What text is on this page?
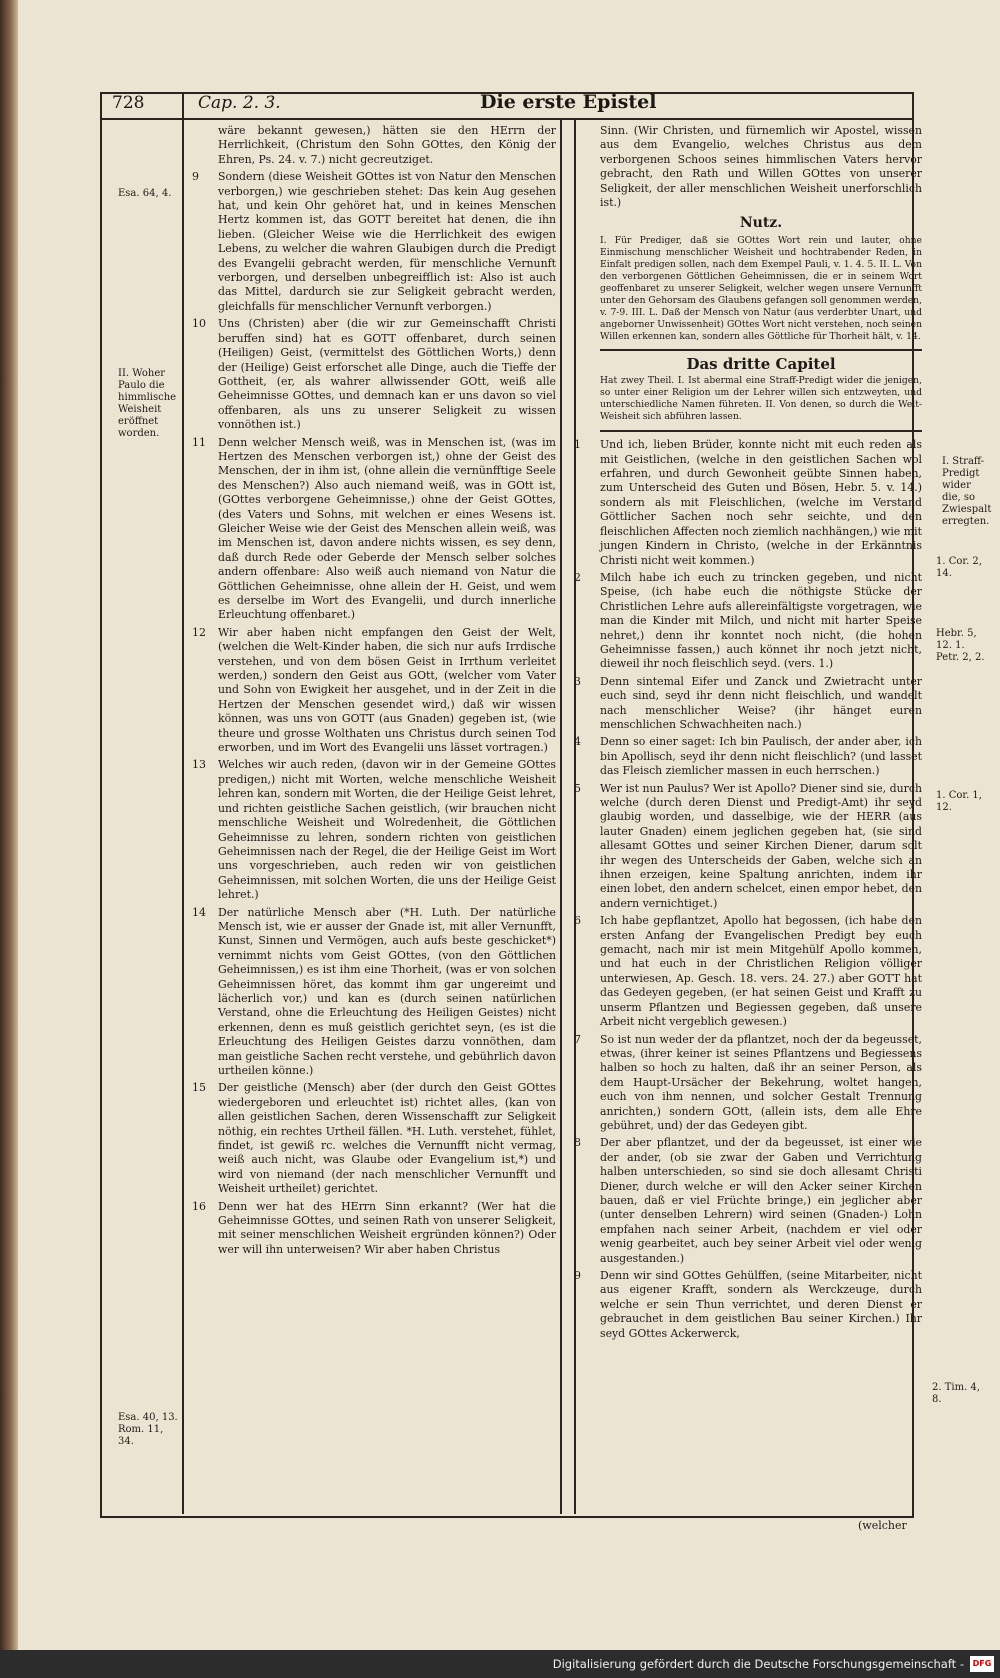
728	Cap. 2. 3.	Die erste Epistel
Esa. 64, 4.
II. Woher Paulo die himmlische Weisheit eröffnet worden.
Esa. 40, 13. Rom. 11, 34.
I. Straff-Predigt wider die, so Zwiespalt erregten.
1. Cor. 2, 14.
Hebr. 5, 12. 1. Petr. 2, 2.
1. Cor. 1, 12.
2. Tim. 4, 8.

wäre bekannt gewesen,) hätten sie den HErrn der Herrlichkeit, (Christum den Sohn GOttes, den König der Ehren, Ps. 24. v. 7.) nicht gecreutziget.

9 Sondern (diese Weisheit GOttes ist von Natur den Menschen verborgen,) wie geschrieben stehet: Das kein Aug gesehen hat, und kein Ohr gehöret hat, und in keines Menschen Hertz kommen ist, das GOTT bereitet hat denen, die ihn lieben. (Gleicher Weise wie die Herrlichkeit des ewigen Lebens, zu welcher die wahren Glaubigen durch die Predigt des Evangelii gebracht werden, für menschliche Vernunft verborgen, und derselben unbegreifflich ist: Also ist auch das Mittel, dardurch sie zur Seligkeit gebracht werden, gleichfalls für menschlicher Vernunft verborgen.)

10 Uns (Christen) aber (die wir zur Gemeinschafft Christi beruffen sind) hat es GOTT offenbaret, durch seinen (Heiligen) Geist, (vermittelst des Göttlichen Worts,) denn der (Heilige) Geist erforschet alle Dinge, auch die Tieffe der Gottheit, (er, als wahrer allwissender GOtt, weiß alle Geheimnisse GOttes, und demnach kan er uns davon so viel offenbaren, als uns zu unserer Seligkeit zu wissen vonnöthen ist.)

11 Denn welcher Mensch weiß, was in Menschen ist, (was im Hertzen des Menschen verborgen ist,) ohne der Geist des Menschen, der in ihm ist, (ohne allein die vernünfftige Seele des Menschen?) Also auch niemand weiß, was in GOtt ist, (GOttes verborgene Geheimnisse,) ohne der Geist GOttes, (des Vaters und Sohns, mit welchen er eines Wesens ist. Gleicher Weise wie der Geist des Menschen allein weiß, was im Menschen ist, davon andere nichts wissen, es sey denn, daß durch Rede oder Geberde der Mensch selber solches andern offenbare: Also weiß auch niemand von Natur die Göttlichen Geheimnisse, ohne allein der H. Geist, und wem es derselbe im Wort des Evangelii, und durch innerliche Erleuchtung offenbaret.)

12 Wir aber haben nicht empfangen den Geist der Welt, (welchen die Welt-Kinder haben, die sich nur aufs Irrdische verstehen, und von dem bösen Geist in Irrthum verleitet werden,) sondern den Geist aus GOtt, (welcher vom Vater und Sohn von Ewigkeit her ausgehet, und in der Zeit in die Hertzen der Menschen gesendet wird,) daß wir wissen können, was uns von GOTT (aus Gnaden) gegeben ist, (wie theure und grosse Wolthaten uns Christus durch seinen Tod erworben, und im Wort des Evangelii uns lässet vortragen.)

13 Welches wir auch reden, (davon wir in der Gemeine GOttes predigen,) nicht mit Worten, welche menschliche Weisheit lehren kan, sondern mit Worten, die der Heilige Geist lehret, und richten geistliche Sachen geistlich, (wir brauchen nicht menschliche Weisheit und Wolredenheit, die Göttlichen Geheimnisse zu lehren, sondern richten von geistlichen Geheimnissen nach der Regel, die der Heilige Geist im Wort uns vorgeschrieben, auch reden wir von geistlichen Geheimnissen, mit solchen Worten, die uns der Heilige Geist lehret.)

14 Der natürliche Mensch aber (*H. Luth. Der natürliche Mensch ist, wie er ausser der Gnade ist, mit aller Vernunfft, Kunst, Sinnen und Vermögen, auch aufs beste geschicket*) vernimmt nichts vom Geist GOttes, (von den Göttlichen Geheimnissen,) es ist ihm eine Thorheit, (was er von solchen Geheimnissen höret, das kommt ihm gar ungereimt und lächerlich vor,) und kan es (durch seinen natürlichen Verstand, ohne die Erleuchtung des Heiligen Geistes) nicht erkennen, denn es muß geistlich gerichtet seyn, (es ist die Erleuchtung des Heiligen Geistes darzu vonnöthen, dam man geistliche Sachen recht verstehe, und gebührlich davon urtheilen könne.)

15 Der geistliche (Mensch) aber (der durch den Geist GOttes wiedergeboren und erleuchtet ist) richtet alles, (kan von allen geistlichen Sachen, deren Wissenschafft zur Seligkeit nöthig, ein rechtes Urtheil fällen. *H. Luth. verstehet, fühlet, findet, ist gewiß rc. welches die Vernunfft nicht vermag, weiß auch nicht, was Glaube oder Evangelium ist,*) und wird von niemand (der nach menschlicher Vernunfft und Weisheit urtheilet) gerichtet.

16 Denn wer hat des HErrn Sinn erkannt? (Wer hat die Geheimnisse GOttes, und seinen Rath von unserer Seligkeit, mit seiner menschlichen Weisheit ergründen können?) Oder wer will ihn unterweisen? Wir aber haben Christus

Sinn. (Wir Christen, und fürnemlich wir Apostel, wissen aus dem Evangelio, welches Christus aus dem verborgenen Schoos seines himmlischen Vaters hervor gebracht, den Rath und Willen GOttes von unserer Seligkeit, der aller menschlichen Weisheit unerforschlich ist.)

Nutz.

I. Für Prediger, daß sie GOttes Wort rein und lauter, ohne Einmischung menschlicher Weisheit und hochtrabender Reden, in Einfalt predigen sollen, nach dem Exempel Pauli, v. 1. 4. 5. II. L. Von den verborgenen Göttlichen Geheimnissen, die er in seinem Wort geoffenbaret zu unserer Seligkeit, welcher wegen unsere Vernunfft unter den Gehorsam des Glaubens gefangen soll genommen werden, v. 7-9. III. L. Daß der Mensch von Natur (aus verderbter Unart, und angeborner Unwissenheit) GOttes Wort nicht verstehen, noch seinen Willen erkennen kan, sondern alles Göttliche für Thorheit hält, v. 14.

Das dritte Capitel

Hat zwey Theil. I. Ist abermal eine Straff-Predigt wider die jenigen, so unter einer Religion um der Lehrer willen sich entzweyten, und unterschiedliche Namen führeten. II. Von denen, so durch die Welt-Weisheit sich abführen lassen.

1 Und ich, lieben Brüder, konnte nicht mit euch reden als mit Geistlichen, (welche in den geistlichen Sachen wol erfahren, und durch Gewonheit geübte Sinnen haben, zum Unterscheid des Guten und Bösen, Hebr. 5. v. 14.) sondern als mit Fleischlichen, (welche im Verstand Göttlicher Sachen noch sehr seichte, und den fleischlichen Affecten noch ziemlich nachhängen,) wie mit jungen Kindern in Christo, (welche in der Erkänntnis Christi nicht weit kommen.)

2 Milch habe ich euch zu trincken gegeben, und nicht Speise, (ich habe euch die nöthigste Stücke der Christlichen Lehre aufs allereinfältigste vorgetragen, wie man die Kinder mit Milch, und nicht mit harter Speise nehret,) denn ihr konntet noch nicht, (die hohen Geheimnisse fassen,) auch könnet ihr noch jetzt nicht, dieweil ihr noch fleischlich seyd. (vers. 1.)

3 Denn sintemal Eifer und Zanck und Zwietracht unter euch sind, seyd ihr denn nicht fleischlich, und wandelt nach menschlicher Weise? (ihr hänget euren menschlichen Schwachheiten nach.)

4 Denn so einer saget: Ich bin Paulisch, der ander aber, ich bin Apollisch, seyd ihr denn nicht fleischlich? (und lasset das Fleisch ziemlicher massen in euch herrschen.)

5 Wer ist nun Paulus? Wer ist Apollo? Diener sind sie, durch welche (durch deren Dienst und Predigt-Amt) ihr seyd glaubig worden, und dasselbige, wie der HERR (aus lauter Gnaden) einem jeglichen gegeben hat, (sie sind allesamt GOttes und seiner Kirchen Diener, darum solt ihr wegen des Unterscheids der Gaben, welche sich an ihnen erzeigen, keine Spaltung anrichten, indem ihr einen lobet, den andern schelcet, einen empor hebet, den andern vernichtiget.)

6 Ich habe gepflantzet, Apollo hat begossen, (ich habe den ersten Anfang der Evangelischen Predigt bey euch gemacht, nach mir ist mein Mitgehülf Apollo kommen, und hat euch in der Christlichen Religion völliger unterwiesen, Ap. Gesch. 18. vers. 24. 27.) aber GOTT hat das Gedeyen gegeben, (er hat seinen Geist und Krafft zu unserm Pflantzen und Begiessen gegeben, daß unsere Arbeit nicht vergeblich gewesen.)

7 So ist nun weder der da pflantzet, noch der da begeusset, etwas, (ihrer keiner ist seines Pflantzens und Begiessens halben so hoch zu halten, daß ihr an seiner Person, als dem Haupt-Ursächer der Bekehrung, woltet hangen, euch von ihm nennen, und solcher Gestalt Trennung anrichten,) sondern GOtt, (allein ists, dem alle Ehre gebühret, und) der das Gedeyen gibt.

8 Der aber pflantzet, und der da begeusset, ist einer wie der ander, (ob sie zwar der Gaben und Verrichtung halben unterschieden, so sind sie doch allesamt Christi Diener, durch welche er will den Acker seiner Kirchen bauen, daß er viel Früchte bringe,) ein jeglicher aber (unter denselben Lehrern) wird seinen (Gnaden-) Lohn empfahen nach seiner Arbeit, (nachdem er viel oder wenig gearbeitet, auch bey seiner Arbeit viel oder wenig ausgestanden.)

9 Denn wir sind GOttes Gehülffen, (seine Mitarbeiter, nicht aus eigener Krafft, sondern als Werckzeuge, durch welche er sein Thun verrichtet, und deren Dienst er gebrauchet in dem geistlichen Bau seiner Kirchen.) Ihr seyd GOttes Ackerwerck,

(welcher
Digitalisierung gefördert durch die Deutsche Forschungsgemeinschaft -	DFG
